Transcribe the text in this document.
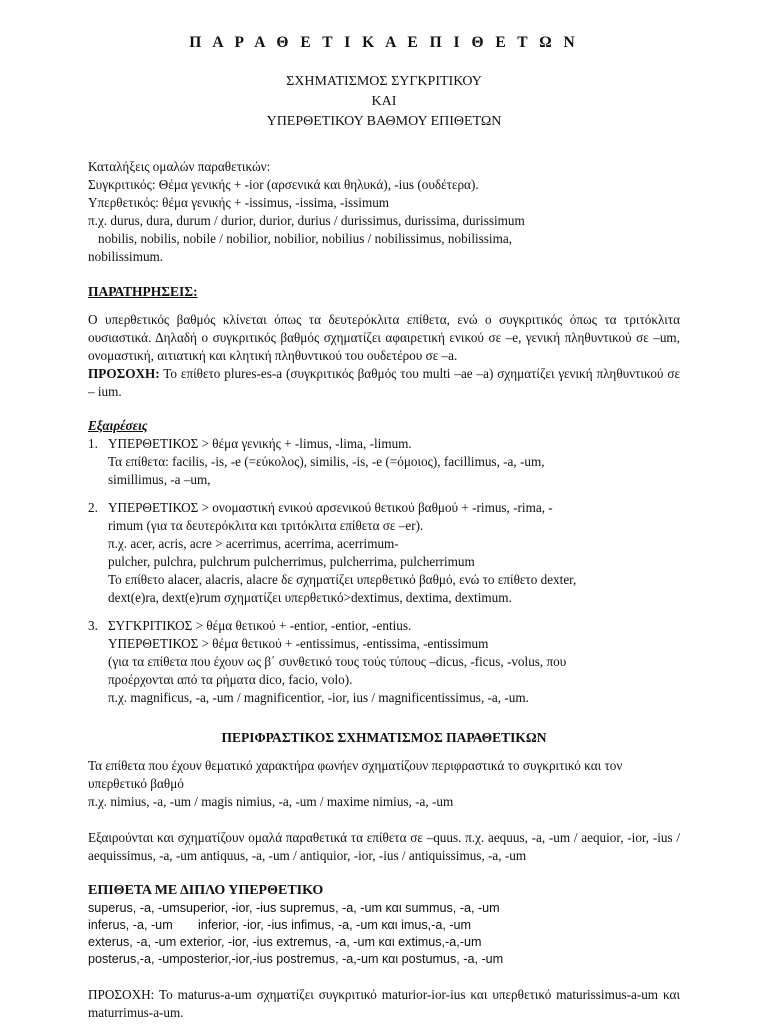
Π Α Ρ Α Θ Ε Τ Ι Κ Α Ε Π Ι Θ Ε Τ Ω Ν
ΣΧΗΜΑΤΙΣΜΟΣ ΣΥΓΚΡΙΤΙΚΟΥ
ΚΑΙ
ΥΠΕΡΘΕΤΙΚΟΥ ΒΑΘΜΟΥ ΕΠΙΘΕΤΩΝ
Καταλήξεις ομαλών παραθετικών:
Συγκριτικός: Θέμα γενικής + -ior (αρσενικά και θηλυκά), -ius (ουδέτερα).
Υπερθετικός: θέμα γενικής + -issimus, -issima, -issimum
π.χ. durus, dura, durum / durior, durior, durius / durissimus, durissima, durissimum
nobilis, nobilis, nobile / nobilior, nobilior, nobilius / nobilissimus, nobilissima,
nobilissimum.
ΠΑΡΑΤΗΡΗΣΕΙΣ:
Ο υπερθετικός βαθμός κλίνεται όπως τα δευτερόκλιτα επίθετα, ενώ ο συγκριτικός όπως τα τριτόκλιτα ουσιαστικά. Δηλαδή ο συγκριτικός βαθμός σχηματίζει αφαιρετική ενικού σε –e, γενική πληθυντικού σε –um, ονομαστική, αιτιατική και κλητική πληθυντικού του ουδετέρου σε –a.
ΠΡΟΣΟΧΗ: Το επίθετο plures-es-a (συγκριτικός βαθμός του multi –ae –a) σχηματίζει γενική πληθυντικού σε – ium.
Εξαιρέσεις
1. ΥΠΕΡΘΕΤΙΚΟΣ > θέμα γενικής + -limus, -lima, -limum.
Τα επίθετα: facilis, -is, -e (=εύκολος), similis, -is, -e (=όμοιος), facillimus, -a, -um,
simillimus, -a –um,
2. ΥΠΕΡΘΕΤΙΚΟΣ > ονομαστική ενικού αρσενικού θετικού βαθμού + -rimus, -rima, -
rimum (για τα δευτερόκλιτα και τριτόκλιτα επίθετα σε –er).
π.χ. acer, acris, acre > acerrimus, acerrima, acerrimum-
pulcher, pulchra, pulchrum pulcherrimus, pulcherrima, pulcherrimum
Το επίθετο alacer, alacris, alacre δε σχηματίζει υπερθετικό βαθμό, ενώ το επίθετο dexter,
dext(e)ra, dext(e)rum σχηματίζει υπερθετικό>dextimus, dextima, dextimum.
3. ΣΥΓΚΡΙΤΙΚΟΣ > θέμα θετικού + -entior, -entior, -entius.
ΥΠΕΡΘΕΤΙΚΟΣ > θέμα θετικού + -entissimus, -entissima, -entissimum
(για τα επίθετα που έχουν ως β΄ συνθετικό τους τούς τύπους –dicus, -ficus, -volus, που
προέρχονται από τα ρήματα dico, facio, volo).
π.χ. magnificus, -a, -um / magnificentior, -ior, ius / magnificentissimus, -a, -um.
ΠΕΡΙΦΡΑΣΤΙΚΟΣ ΣΧΗΜΑΤΙΣΜΟΣ ΠΑΡΑΘΕΤΙΚΩΝ
Τα επίθετα που έχουν θεματικό χαρακτήρα φωνήεν σχηματίζουν περιφραστικά το συγκριτικό και τον υπερθετικό βαθμό
π.χ. nimius, -a, -um / magis nimius, -a, -um / maxime nimius, -a, -um
Εξαιρούνται και σχηματίζουν ομαλά παραθετικά τα επίθετα σε –quus. π.χ. aequus, -a, -um / aequior, -ior, -ius / aequissimus, -a, -um antiquus, -a, -um / antiquior, -ior, -ius / antiquissimus, -a, -um
ΕΠΙΘΕΤΑ ΜΕ ΔΙΠΛΟ ΥΠΕΡΘΕΤΙΚΟ
superus, -a, -umsuperior, -ior, -ius supremus, -a, -um και summus, -a, -um
inferus, -a, -um inferior, -ior, -ius infimus, -a, -um και imus,-a, -um
exterus, -a, -um exterior, -ior, -ius extremus, -a, -um και extimus,-a,-um
posterus,-a, -umposterior,-ior,-ius postremus, -a,-um και postumus, -a, -um
ΠΡΟΣΟΧΗ: Το maturus-a-um σχηματίζει συγκριτικό maturior-ior-ius και υπερθετικό maturissimus-a-um και maturrimus-a-um.
